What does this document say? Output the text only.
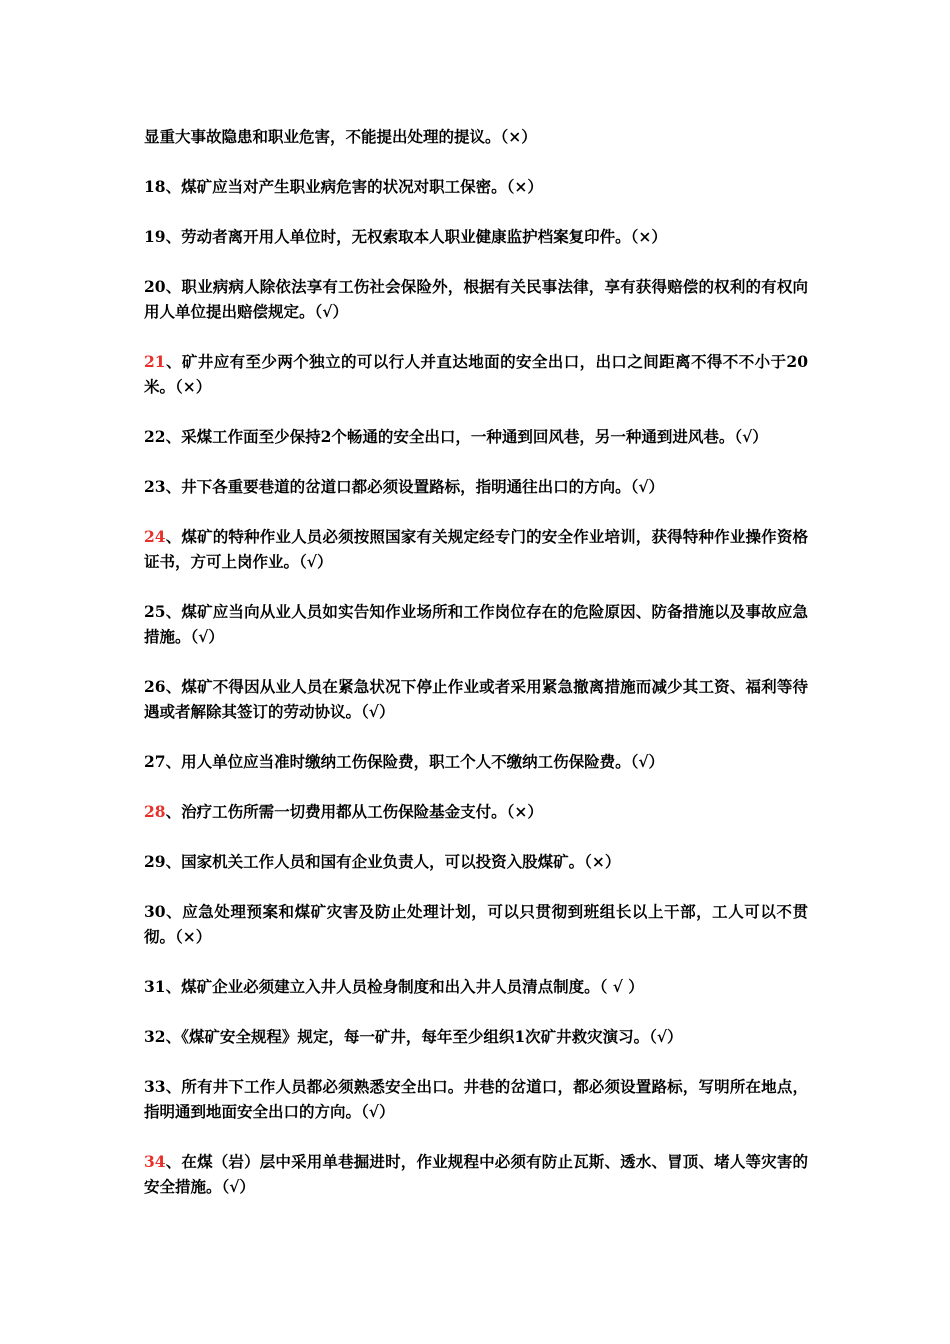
显重大事故隐患和职业危害，不能提出处理的提议。（×）

18、煤矿应当对产生职业病危害的状况对职工保密。（×）

19、劳动者离开用人单位时，无权索取本人职业健康监护档案复印件。（×）

20、职业病病人除依法享有工伤社会保险外，根据有关民事法律，享有获得赔偿的权利的有权向用人单位提出赔偿规定。（√）

21、矿井应有至少两个独立的可以行人并直达地面的安全出口，出口之间距离不得不不小于20米。（×）

22、采煤工作面至少保持2个畅通的安全出口，一种通到回风巷，另一种通到进风巷。（√）

23、井下各重要巷道的岔道口都必须设置路标，指明通往出口的方向。（√）

24、煤矿的特种作业人员必须按照国家有关规定经专门的安全作业培训，获得特种作业操作资格证书，方可上岗作业。（√）

25、煤矿应当向从业人员如实告知作业场所和工作岗位存在的危险原因、防备措施以及事故应急措施。（√）

26、煤矿不得因从业人员在紧急状况下停止作业或者采用紧急撤离措施而减少其工资、福利等待遇或者解除其签订的劳动协议。（√）

27、用人单位应当准时缴纳工伤保险费，职工个人不缴纳工伤保险费。（√）

28、治疗工伤所需一切费用都从工伤保险基金支付。（×）

29、国家机关工作人员和国有企业负责人，可以投资入股煤矿。（×）

30、应急处理预案和煤矿灾害及防止处理计划，可以只贯彻到班组长以上干部，工人可以不贯彻。（×）

31、煤矿企业必须建立入井人员检身制度和出入井人员清点制度。（ √ ）

32、《煤矿安全规程》规定，每一矿井，每年至少组织1次矿井救灾演习。（√）

33、所有井下工作人员都必须熟悉安全出口。井巷的岔道口，都必须设置路标，写明所在地点，指明通到地面安全出口的方向。（√）

34、在煤（岩）层中采用单巷掘进时，作业规程中必须有防止瓦斯、透水、冒顶、堵人等灾害的安全措施。（√）
